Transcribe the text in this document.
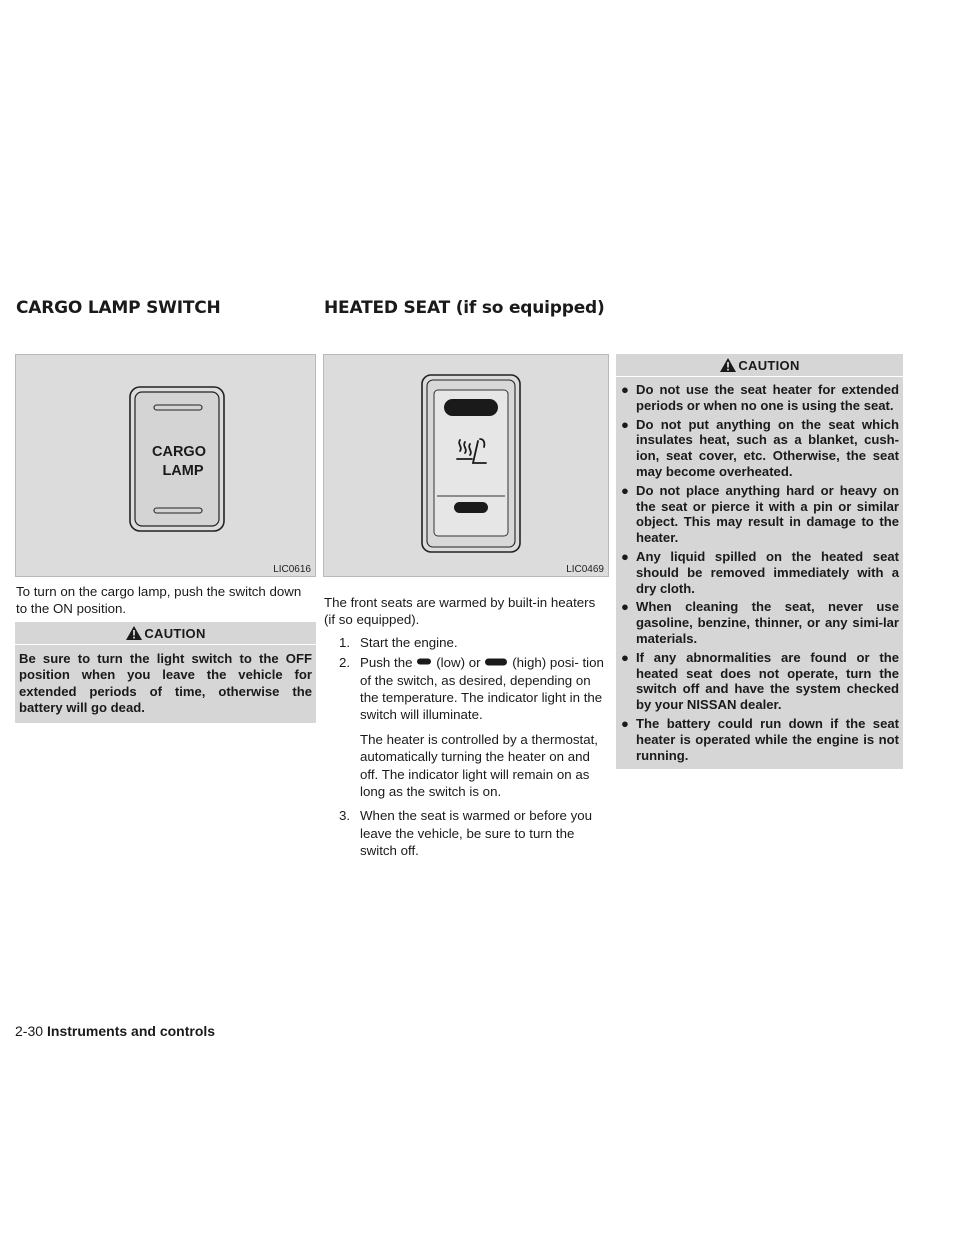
CARGO LAMP SWITCH	HEATED SEAT (if so equipped)
CARGO
LAMP
LIC0616
To turn on the cargo lamp, push the switch down to the ON position.
CAUTION
Be sure to turn the light switch to the OFF position when you leave the vehicle for extended periods of time, otherwise the battery will go dead.
LIC0469
The front seats are warmed by built-in heaters (if so equipped).
1. Start the engine.
2. Push the (low) or (high) posi- tion of the switch, as desired, depending on the temperature. The indicator light in the switch will illuminate.

The heater is controlled by a thermostat, automatically turning the heater on and off. The indicator light will remain on as long as the switch is on.

3. When the seat is warmed or before you leave the vehicle, be sure to turn the switch off.
CAUTION
● Do not use the seat heater for extended periods or when no one is using the seat.
● Do not put anything on the seat which insulates heat, such as a blanket, cush-ion, seat cover, etc. Otherwise, the seat may become overheated.
● Do not place anything hard or heavy on the seat or pierce it with a pin or similar object. This may result in damage to the heater.
● Any liquid spilled on the heated seat should be removed immediately with a dry cloth.
● When cleaning the seat, never use gasoline, benzine, thinner, or any simi-lar materials.
● If any abnormalities are found or the heated seat does not operate, turn the switch off and have the system checked by your NISSAN dealer.
● The battery could run down if the seat heater is operated while the engine is not running.
2-30 Instruments and controls
